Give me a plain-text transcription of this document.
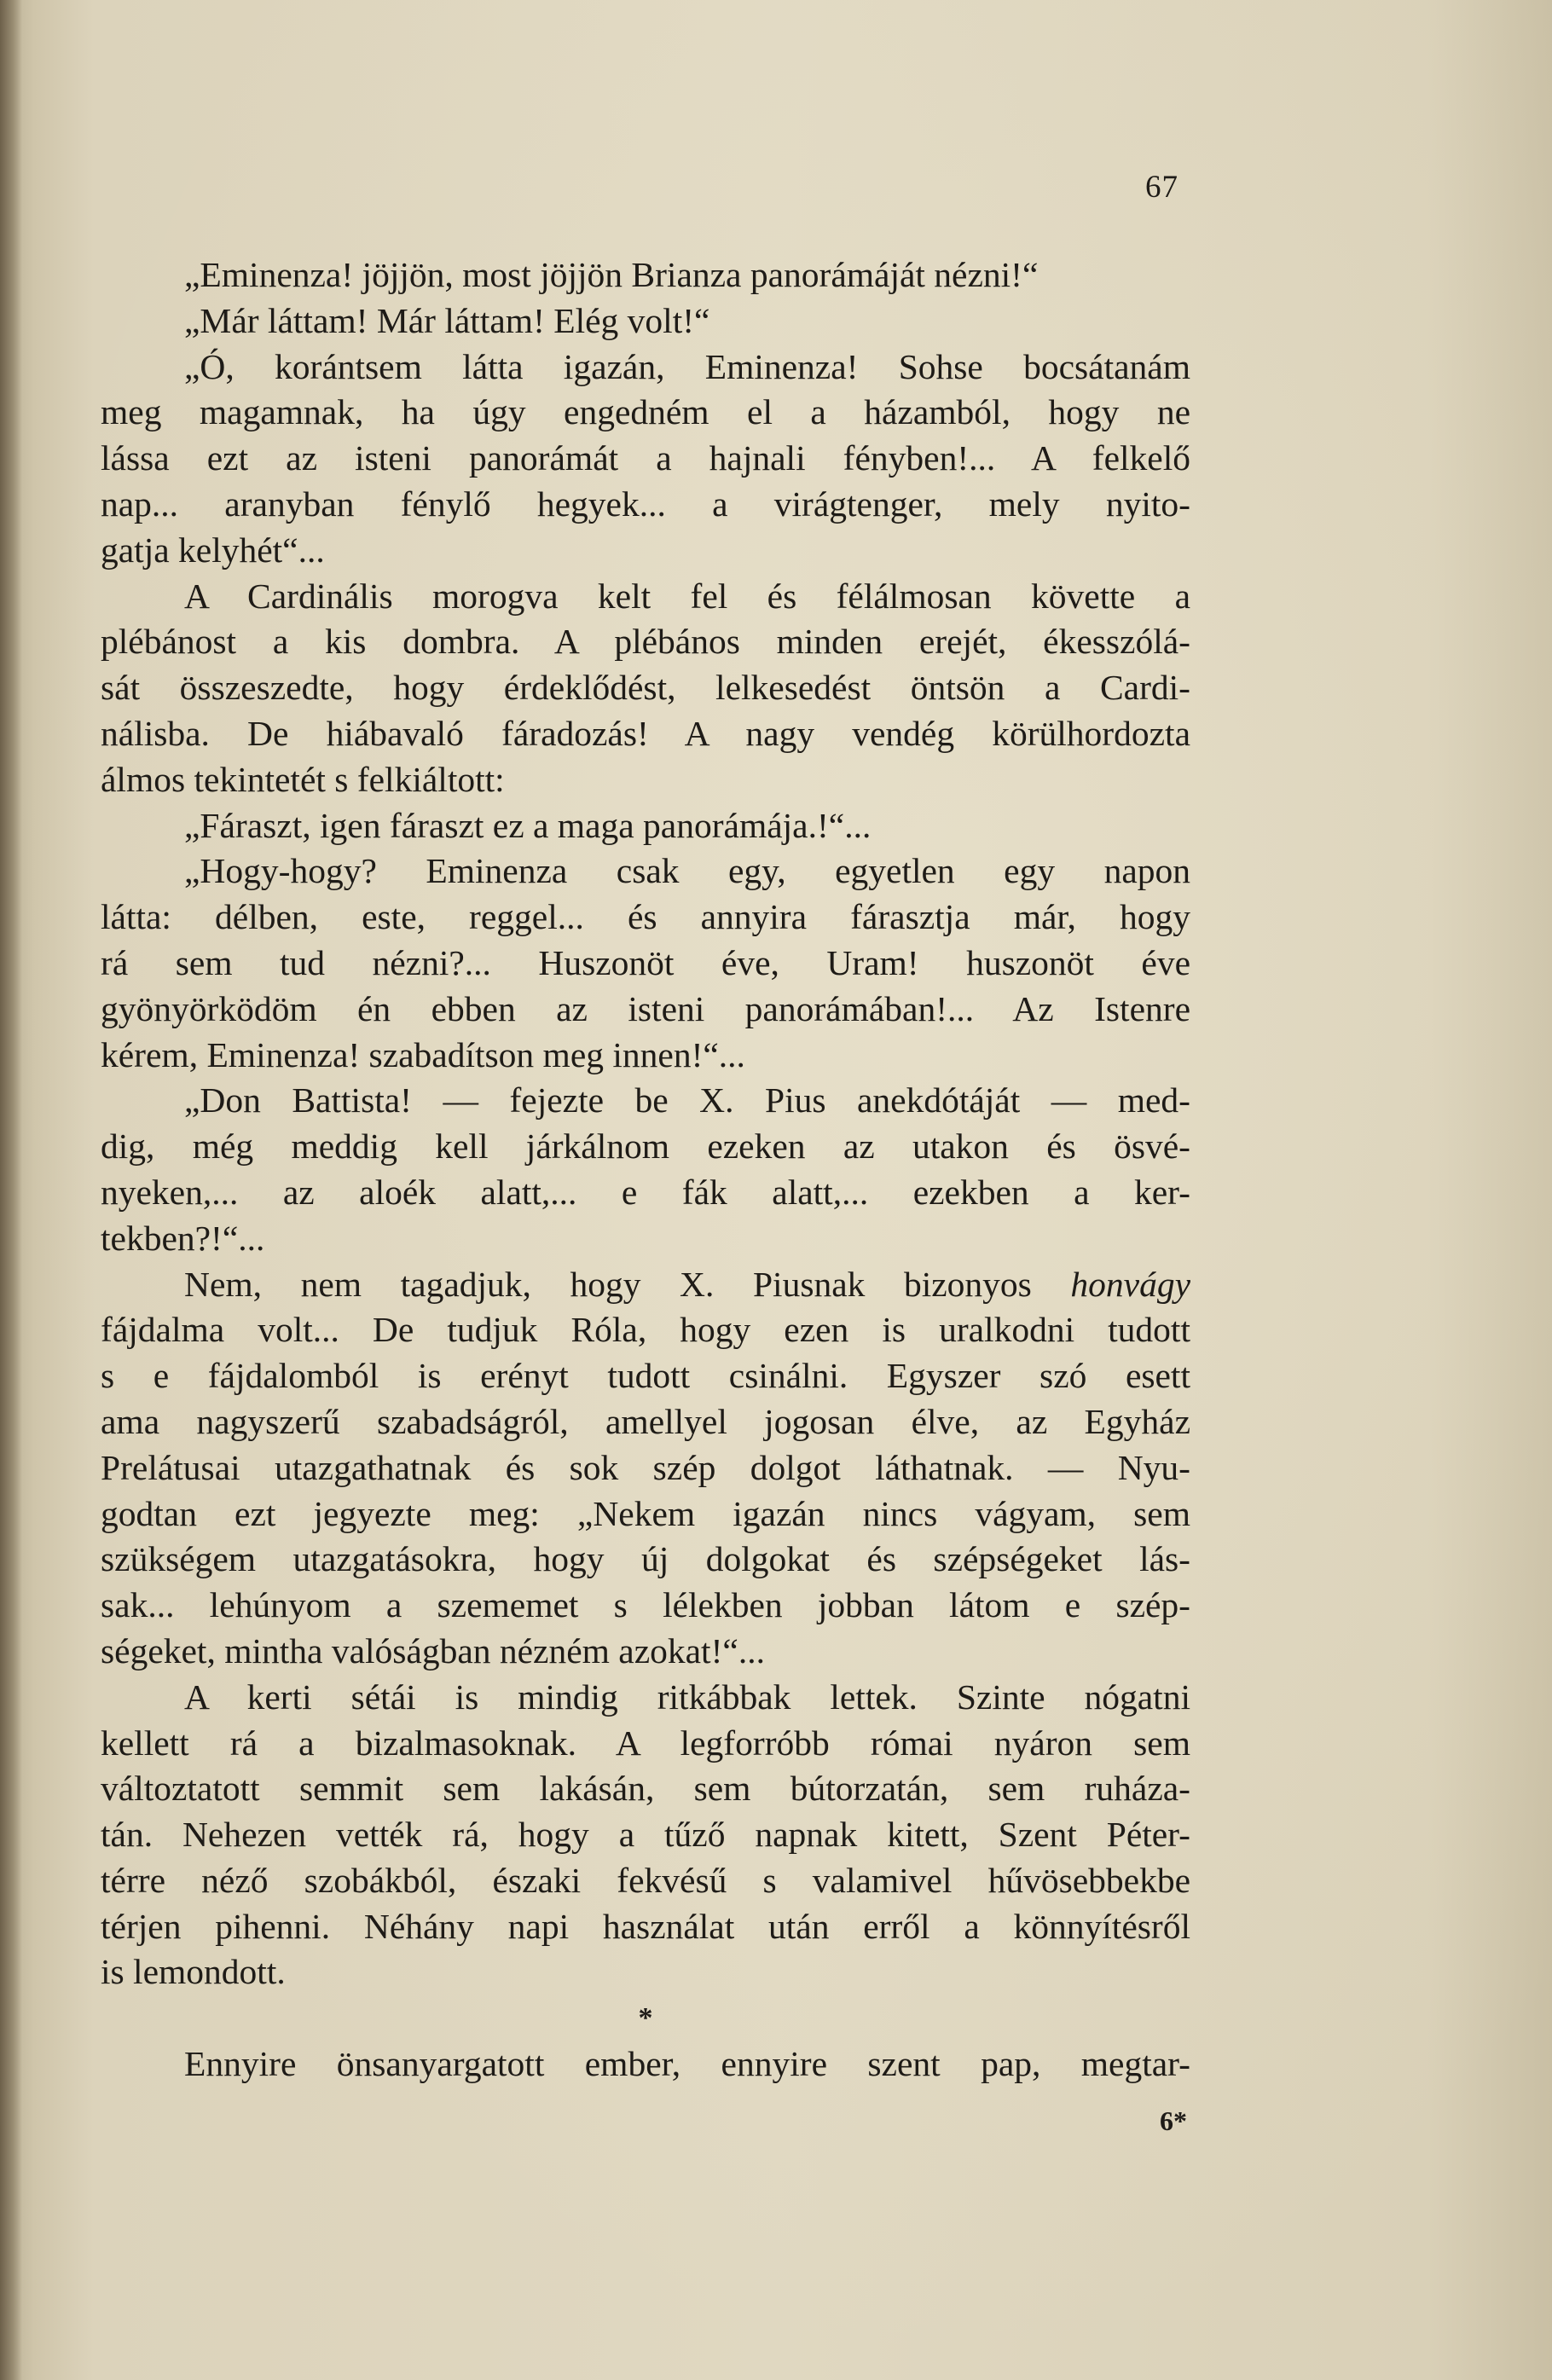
67
„Eminenza! jöjjön, most jöjjön Brianza panorámáját nézni!“
„Már láttam! Már láttam! Elég volt!“
„Ó, korántsem látta igazán, Eminenza! Sohse bocsátanám
meg magamnak, ha úgy engedném el a házamból, hogy ne
lássa ezt az isteni panorámát a hajnali fényben!... A felkelő
nap... aranyban fénylő hegyek... a virágtenger, mely nyito-
gatja kelyhét“...
A Cardinális morogva kelt fel és félálmosan követte a
plébánost a kis dombra. A plébános minden erejét, ékesszólá-
sát összeszedte, hogy érdeklődést, lelkesedést öntsön a Cardi-
nálisba. De hiábavaló fáradozás! A nagy vendég körülhordozta
álmos tekintetét s felkiáltott:
„Fáraszt, igen fáraszt ez a maga panorámája.!“...
„Hogy-hogy? Eminenza csak egy, egyetlen egy napon
látta: délben, este, reggel... és annyira fárasztja már, hogy
rá sem tud nézni?... Huszonöt éve, Uram! huszonöt éve
gyönyörködöm én ebben az isteni panorámában!... Az Istenre
kérem, Eminenza! szabadítson meg innen!“...
„Don Battista! — fejezte be X. Pius anekdótáját — med-
dig, még meddig kell járkálnom ezeken az utakon és ösvé-
nyeken,... az aloék alatt,... e fák alatt,... ezekben a ker-
tekben?!“...
Nem, nem tagadjuk, hogy X. Piusnak bizonyos honvágy
fájdalma volt... De tudjuk Róla, hogy ezen is uralkodni tudott
s e fájdalomból is erényt tudott csinálni. Egyszer szó esett
ama nagyszerű szabadságról, amellyel jogosan élve, az Egyház
Prelátusai utazgathatnak és sok szép dolgot láthatnak. — Nyu-
godtan ezt jegyezte meg: „Nekem igazán nincs vágyam, sem
szükségem utazgatásokra, hogy új dolgokat és szépségeket lás-
sak... lehúnyom a szememet s lélekben jobban látom e szép-
ségeket, mintha valóságban nézném azokat!“...
A kerti sétái is mindig ritkábbak lettek. Szinte nógatni
kellett rá a bizalmasoknak. A legforróbb római nyáron sem
változtatott semmit sem lakásán, sem bútorzatán, sem ruháza-
tán. Nehezen vették rá, hogy a tűző napnak kitett, Szent Péter-
térre néző szobákból, északi fekvésű s valamivel hűvösebbekbe
térjen pihenni. Néhány napi használat után erről a könnyítésről
is lemondott.
*
Ennyire önsanyargatott ember, ennyire szent pap, megtar-
6*
